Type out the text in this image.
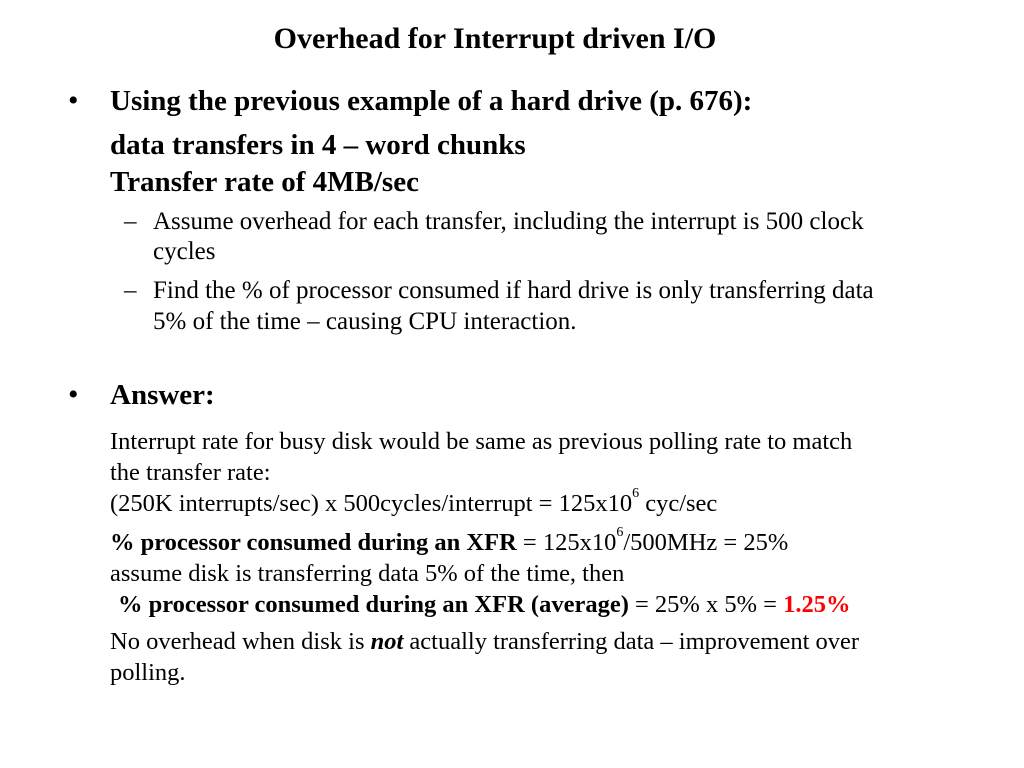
Overhead for Interrupt driven I/O
• Using the previous example of a hard drive (p. 676):
data transfers in 4 – word chunks
Transfer rate of 4MB/sec
– Assume overhead for each transfer, including the interrupt is 500 clock
cycles
– Find the % of processor consumed if hard drive is only transferring data
5% of the time – causing CPU interaction.
• Answer:
Interrupt rate for busy disk would be same as previous polling rate to match
the transfer rate:
(250K interrupts/sec) x 500cycles/interrupt = $125x10^6$ cyc/sec
% processor consumed during an XFR = $125x10^6/500MHz = 25\%$
assume disk is transferring data 5% of the time, then
% processor consumed during an XFR (average) = 25% x 5% = 1.25%
No overhead when disk is not actually transferring data – improvement over
polling.
